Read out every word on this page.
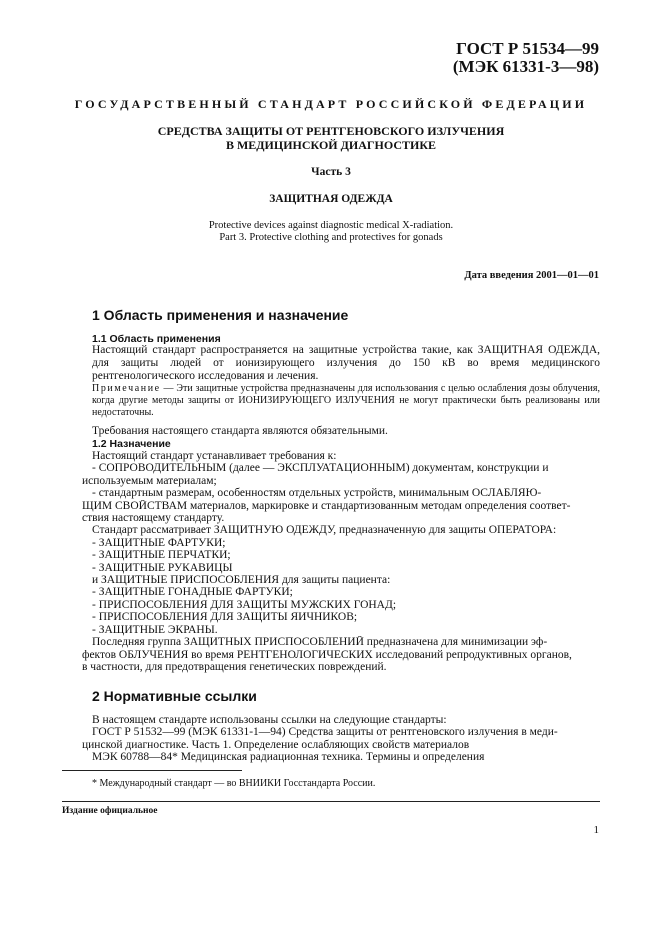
ГОСТ Р 51534—99
(МЭК 61331-3—98)
ГОСУДАРСТВЕННЫЙ СТАНДАРТ РОССИЙСКОЙ ФЕДЕРАЦИИ
СРЕДСТВА ЗАЩИТЫ ОТ РЕНТГЕНОВСКОГО ИЗЛУЧЕНИЯ
В МЕДИЦИНСКОЙ ДИАГНОСТИКЕ
Часть 3
ЗАЩИТНАЯ ОДЕЖДА
Protective devices against diagnostic medical X-radiation.
Part 3. Protective clothing and protectives for gonads
Дата введения 2001—01—01
1 Область применения и назначение
1.1 Область применения
Настоящий стандарт распространяется на защитные устройства такие, как ЗАЩИТНАЯ ОДЕЖДА, для защиты людей от ионизирующего излучения до 150 кВ во время медицинского рентгенологического исследования и лечения.
Примечание — Эти защитные устройства предназначены для использования с целью ослабления дозы облучения, когда другие методы защиты от ИОНИЗИРУЮЩЕГО ИЗЛУЧЕНИЯ не могут практически быть реализованы или недостаточны.
Требования настоящего стандарта являются обязательными.
1.2 Назначение
Настоящий стандарт устанавливает требования к:
- СОПРОВОДИТЕЛЬНЫМ (далее — ЭКСПЛУАТАЦИОННЫМ) документам, конструкции и
используемым материалам;
- стандартным размерам, особенностям отдельных устройств, минимальным ОСЛАБЛЯЮ-
ЩИМ СВОЙСТВАМ материалов, маркировке и стандартизованным методам определения соответ-
ствия настоящему стандарту.
Стандарт рассматривает ЗАЩИТНУЮ ОДЕЖДУ, предназначенную для защиты ОПЕРАТОРА:
- ЗАЩИТНЫЕ ФАРТУКИ;
- ЗАЩИТНЫЕ ПЕРЧАТКИ;
- ЗАЩИТНЫЕ РУКАВИЦЫ
и ЗАЩИТНЫЕ ПРИСПОСОБЛЕНИЯ для защиты пациента:
- ЗАЩИТНЫЕ ГОНАДНЫЕ ФАРТУКИ;
- ПРИСПОСОБЛЕНИЯ ДЛЯ ЗАЩИТЫ МУЖСКИХ ГОНАД;
- ПРИСПОСОБЛЕНИЯ ДЛЯ ЗАЩИТЫ ЯИЧНИКОВ;
- ЗАЩИТНЫЕ ЭКРАНЫ.
Последняя группа ЗАЩИТНЫХ ПРИСПОСОБЛЕНИЙ предназначена для минимизации эф-
фектов ОБЛУЧЕНИЯ во время РЕНТГЕНОЛОГИЧЕСКИХ исследований репродуктивных органов,
в частности, для предотвращения генетических повреждений.
2 Нормативные ссылки
В настоящем стандарте использованы ссылки на следующие стандарты:
ГОСТ Р 51532—99 (МЭК 61331-1—94) Средства защиты от рентгеновского излучения в меди-
цинской диагностике. Часть 1. Определение ослабляющих свойств материалов
МЭК 60788—84* Медицинская радиационная техника. Термины и определения
* Международный стандарт — во ВНИИКИ Госстандарта России.
Издание официальное
1
